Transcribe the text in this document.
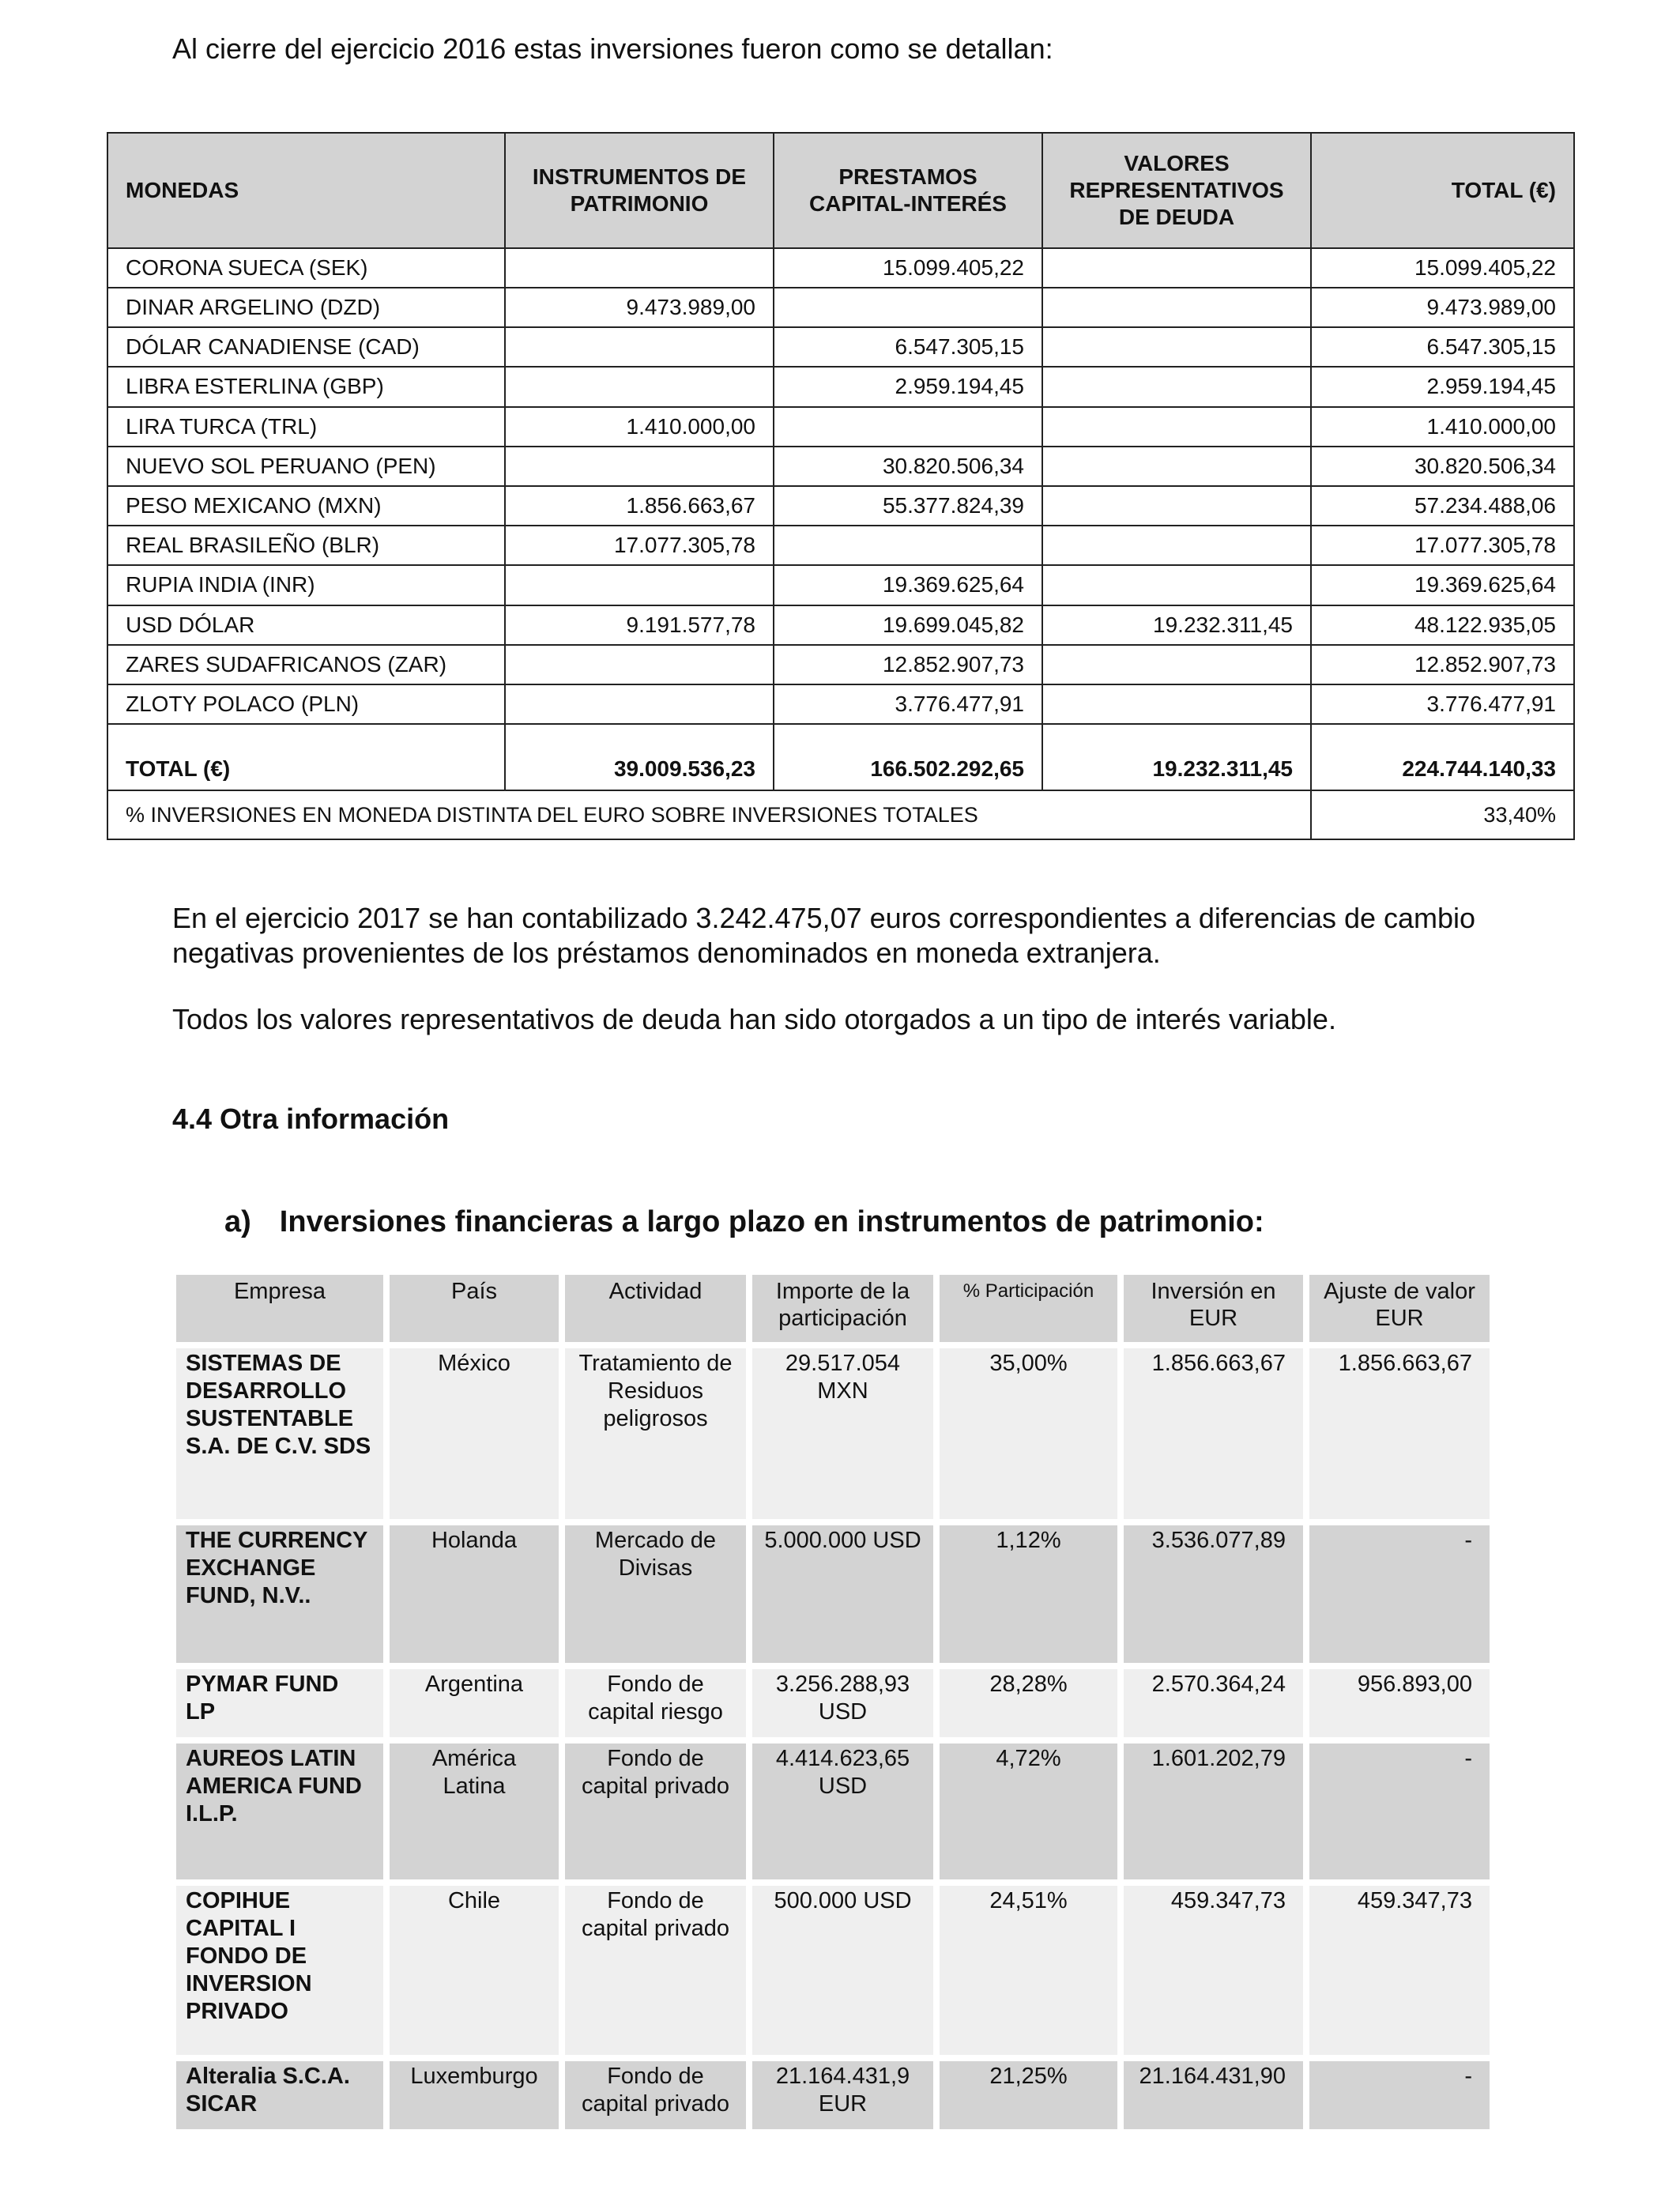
Al cierre del ejercicio 2016 estas inversiones fueron como se detallan:

MONEDAS	INSTRUMENTOS DE PATRIMONIO	PRESTAMOS CAPITAL-INTERÉS	VALORES REPRESENTATIVOS DE DEUDA	TOTAL (€)
CORONA SUECA (SEK)		15.099.405,22		15.099.405,22
DINAR ARGELINO (DZD)	9.473.989,00			9.473.989,00
DÓLAR CANADIENSE (CAD)		6.547.305,15		6.547.305,15
LIBRA ESTERLINA (GBP)		2.959.194,45		2.959.194,45
LIRA TURCA (TRL)	1.410.000,00			1.410.000,00
NUEVO SOL PERUANO (PEN)		30.820.506,34		30.820.506,34
PESO MEXICANO (MXN)	1.856.663,67	55.377.824,39		57.234.488,06
REAL BRASILEÑO (BLR)	17.077.305,78			17.077.305,78
RUPIA INDIA (INR)		19.369.625,64		19.369.625,64
USD DÓLAR	9.191.577,78	19.699.045,82	19.232.311,45	48.122.935,05
ZARES SUDAFRICANOS (ZAR)		12.852.907,73		12.852.907,73
ZLOTY POLACO (PLN)		3.776.477,91		3.776.477,91
TOTAL (€)	39.009.536,23	166.502.292,65	19.232.311,45	224.744.140,33
% INVERSIONES EN MONEDA DISTINTA DEL EURO SOBRE INVERSIONES TOTALES				33,40%

En el ejercicio 2017 se han contabilizado 3.242.475,07 euros correspondientes a diferencias de cambio negativas provenientes de los préstamos denominados en moneda extranjera.

Todos los valores representativos de deuda han sido otorgados a un tipo de interés variable.

4.4 Otra información
a) Inversiones financieras a largo plazo en instrumentos de patrimonio:
Empresa	País	Actividad	Importe de la participación	% Participación	Inversión en EUR	Ajuste de valor EUR
SISTEMAS DE DESARROLLO SUSTENTABLE S.A. DE C.V. SDS	México	Tratamiento de Residuos peligrosos	29.517.054 MXN	35,00%	1.856.663,67	1.856.663,67
THE CURRENCY EXCHANGE FUND, N.V..	Holanda	Mercado de Divisas	5.000.000 USD	1,12%	3.536.077,89	-
PYMAR FUND LP	Argentina	Fondo de capital riesgo	3.256.288,93 USD	28,28%	2.570.364,24	956.893,00
AUREOS LATIN AMERICA FUND I.L.P.	América Latina	Fondo de capital privado	4.414.623,65 USD	4,72%	1.601.202,79	-
COPIHUE CAPITAL I FONDO DE INVERSION PRIVADO	Chile	Fondo de capital privado	500.000 USD	24,51%	459.347,73	459.347,73
Alteralia S.C.A. SICAR	Luxemburgo	Fondo de capital privado	21.164.431,9 EUR	21,25%	21.164.431,90	-
